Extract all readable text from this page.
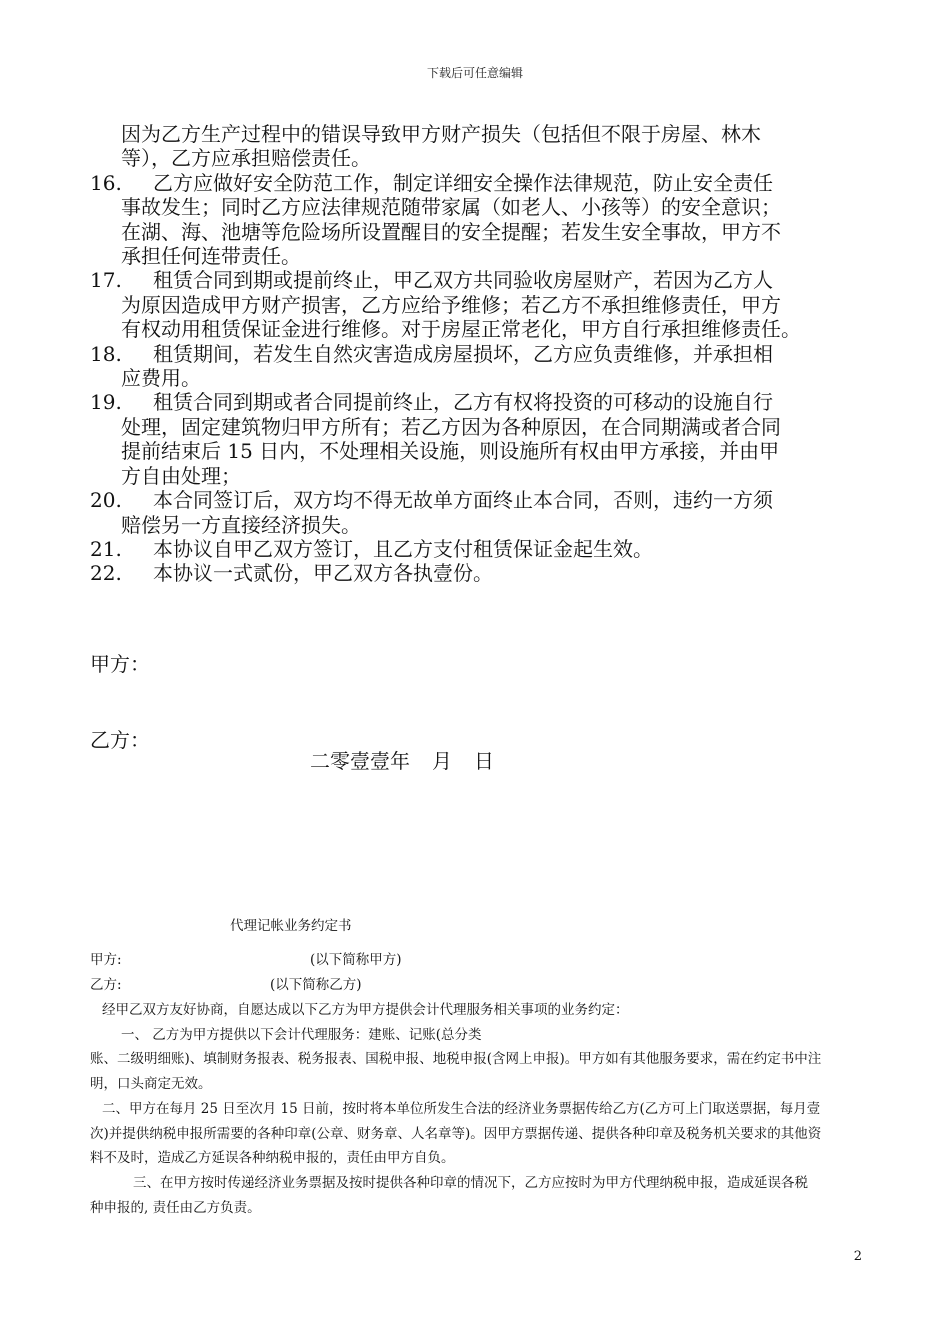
下载后可任意编辑
因为乙方生产过程中的错误导致甲方财产损失（包括但不限于房屋、林木
等），乙方应承担赔偿责任。
16. 乙方应做好安全防范工作，制定详细安全操作法律规范，防止安全责任
事故发生；同时乙方应法律规范随带家属（如老人、小孩等）的安全意识；
在湖、海、池塘等危险场所设置醒目的安全提醒；若发生安全事故，甲方不
承担任何连带责任。
17. 租赁合同到期或提前终止，甲乙双方共同验收房屋财产，若因为乙方人
为原因造成甲方财产损害，乙方应给予维修；若乙方不承担维修责任，甲方
有权动用租赁保证金进行维修。对于房屋正常老化，甲方自行承担维修责任。
18. 租赁期间，若发生自然灾害造成房屋损坏，乙方应负责维修，并承担相
应费用。
19. 租赁合同到期或者合同提前终止，乙方有权将投资的可移动的设施自行
处理，固定建筑物归甲方所有；若乙方因为各种原因，在合同期满或者合同
提前结束后 15 日内，不处理相关设施，则设施所有权由甲方承接，并由甲
方自由处理；
20. 本合同签订后，双方均不得无故单方面终止本合同，否则，违约一方须
赔偿另一方直接经济损失。
21. 本协议自甲乙双方签订，且乙方支付租赁保证金起生效。
22. 本协议一式贰份，甲乙双方各执壹份。
甲方：
乙方：
二零壹壹年 月 日
代理记帐业务约定书
甲方:	(以下简称甲方)
乙方:	(以下简称乙方)
经甲乙双方友好协商，自愿达成以下乙方为甲方提供会计代理服务相关事项的业务约定：
一、 乙方为甲方提供以下会计代理服务：建账、记账(总分类
账、二级明细账)、填制财务报表、税务报表、国税申报、地税申报(含网上申报)。甲方如有其他服务要求，需在约定书中注
明，口头商定无效。
二、甲方在每月 25 日至次月 15 日前，按时将本单位所发生合法的经济业务票据传给乙方(乙方可上门取送票据，每月壹
次)并提供纳税申报所需要的各种印章(公章、财务章、人名章等)。因甲方票据传递、提供各种印章及税务机关要求的其他资
料不及时，造成乙方延误各种纳税申报的，责任由甲方自负。
三、在甲方按时传递经济业务票据及按时提供各种印章的情况下，乙方应按时为甲方代理纳税申报，造成延误各税
种申报的, 责任由乙方负责。
2
